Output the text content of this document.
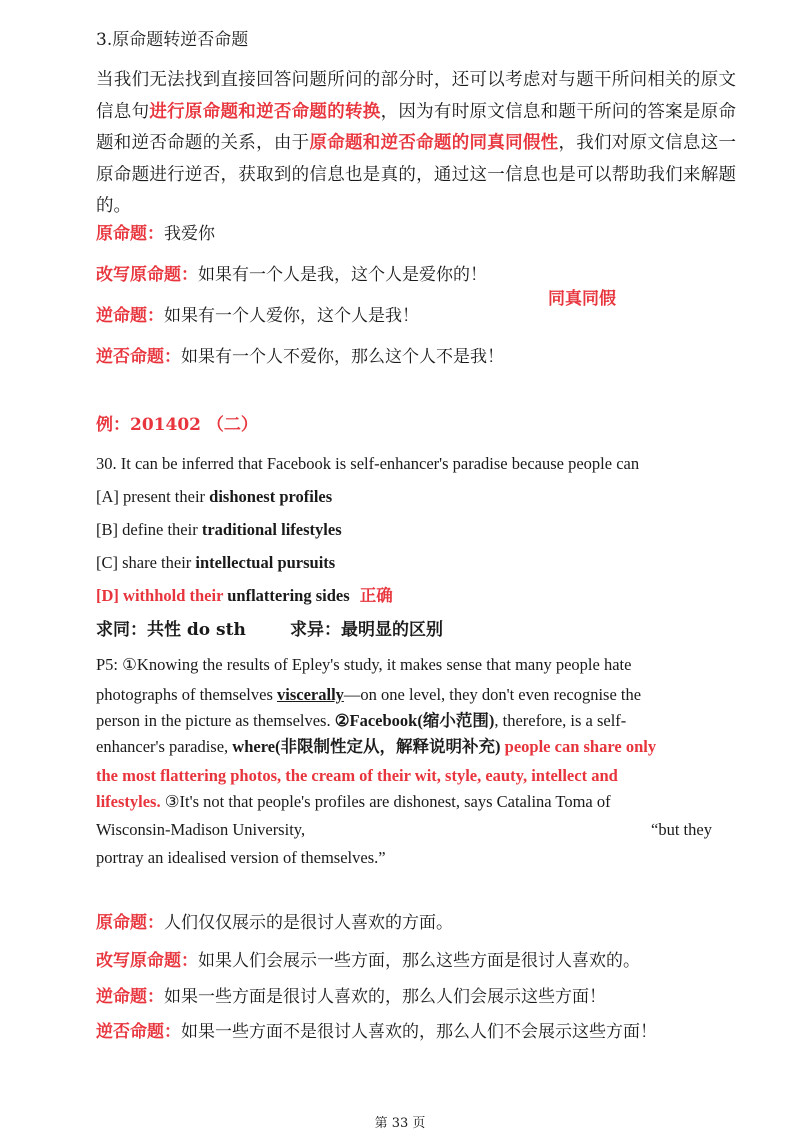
3.原命题转逆否命题
当我们无法找到直接回答问题所问的部分时，还可以考虑对与题干所问相关的原文信息句进行原命题和逆否命题的转换，因为有时原文信息和题干所问的答案是原命题和逆否命题的关系，由于原命题和逆否命题的同真同假性，我们对原文信息这一原命题进行逆否，获取到的信息也是真的，通过这一信息也是可以帮助我们来解题的。
原命题：我爱你
改写原命题：如果有一个人是我，这个人是爱你的！
同真同假
逆命题：如果有一个人爱你，这个人是我！
逆否命题：如果有一个人不爱你，那么这个人不是我！
例：201402 （二）
30. It can be inferred that Facebook is self-enhancer's paradise because people can
[A] present their dishonest profiles
[B] define their traditional lifestyles
[C] share their intellectual pursuits
[D] withhold their unflattering sides 正确
求同：共性 do sth	求异：最明显的区别
P5: ①Knowing the results of Epley's study, it makes sense that many people hate
photographs of themselves viscerally––on one level, they don't even recognise the
person in the picture as themselves. ②Facebook(缩小范围), therefore, is a self-
enhancer's paradise, where(非限制性定从，解释说明补充) people can share only
the most flattering photos, the cream of their wit, style, eauty, intellect and
lifestyles. ③It's not that people's profiles are dishonest, says Catalina Toma of
Wisconsin-Madison University,	“but they
portray an idealised version of themselves.”
原命题：人们仅仅展示的是很讨人喜欢的方面。
改写原命题：如果人们会展示一些方面，那么这些方面是很讨人喜欢的。
逆命题：如果一些方面是很讨人喜欢的，那么人们会展示这些方面！
逆否命题：如果一些方面不是很讨人喜欢的，那么人们不会展示这些方面！
第 33 页
